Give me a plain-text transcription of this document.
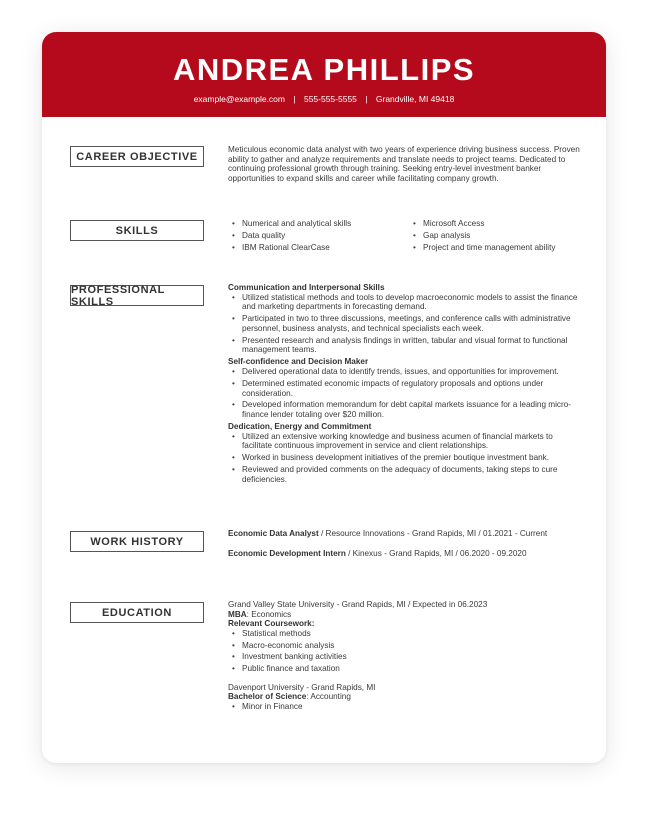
ANDREA PHILLIPS
example@example.com | 555-555-5555 | Grandville, MI 49418
CAREER OBJECTIVE

Meticulous economic data analyst with two years of experience driving business success. Proven ability to gather and analyze requirements and translate needs to project teams. Dedicated to continuing professional growth through training. Seeking entry-level investment banker opportunities to expand skills and career while facilitating company growth.

SKILLS
• Numerical and analytical skills
• Data quality
• IBM Rational ClearCase
• Microsoft Access
• Gap analysis
• Project and time management ability
PROFESSIONAL SKILLS
Communication and Interpersonal Skills
• Utilized statistical methods and tools to develop macroeconomic models to assist the finance and marketing departments in forecasting demand.
• Participated in two to three discussions, meetings, and conference calls with administrative personnel, business analysts, and technical specialists each week.
• Presented research and analysis findings in written, tabular and visual format to functional management teams.
Self-confidence and Decision Maker
• Delivered operational data to identify trends, issues, and opportunities for improvement.
• Determined estimated economic impacts of regulatory proposals and options under consideration.
• Developed information memorandum for debt capital markets issuance for a leading micro-finance lender totaling over $20 million.
Dedication, Energy and Commitment
• Utilized an extensive working knowledge and business acumen of financial markets to facilitate continuous improvement in service and client relationships.
• Worked in business development initiatives of the premier boutique investment bank.
• Reviewed and provided comments on the adequacy of documents, taking steps to cure deficiencies.
WORK HISTORY

Economic Data Analyst / Resource Innovations - Grand Rapids, MI / 01.2021 - Current

Economic Development Intern / Kinexus - Grand Rapids, MI / 06.2020 - 09.2020

EDUCATION

Grand Valley State University - Grand Rapids, MI / Expected in 06.2023

MBA: Economics

Relevant Coursework:
• Statistical methods
• Macro-economic analysis
• Investment banking activities
• Public finance and taxation

Davenport University - Grand Rapids, MI

Bachelor of Science: Accounting

• Minor in Finance
